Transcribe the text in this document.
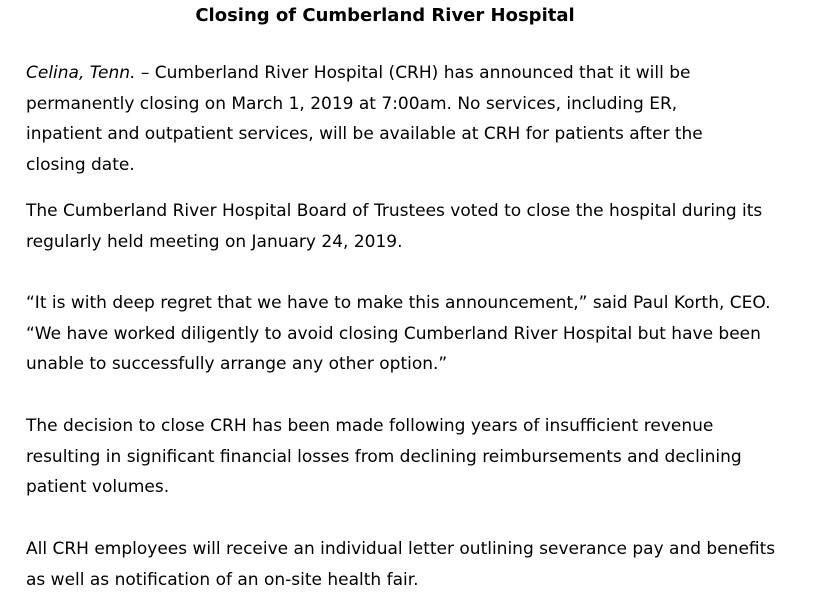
Closing of Cumberland River Hospital

Celina, Tenn. – Cumberland River Hospital (CRH) has announced that it will be
permanently closing on March 1, 2019 at 7:00am. No services, including ER,
inpatient and outpatient services, will be available at CRH for patients after the
closing date.

The Cumberland River Hospital Board of Trustees voted to close the hospital during its
regularly held meeting on January 24, 2019.

“It is with deep regret that we have to make this announcement,” said Paul Korth, CEO.
“We have worked diligently to avoid closing Cumberland River Hospital but have been
unable to successfully arrange any other option.”

The decision to close CRH has been made following years of insufficient revenue
resulting in significant financial losses from declining reimbursements and declining
patient volumes.

All CRH employees will receive an individual letter outlining severance pay and benefits
as well as notification of an on-site health fair.
